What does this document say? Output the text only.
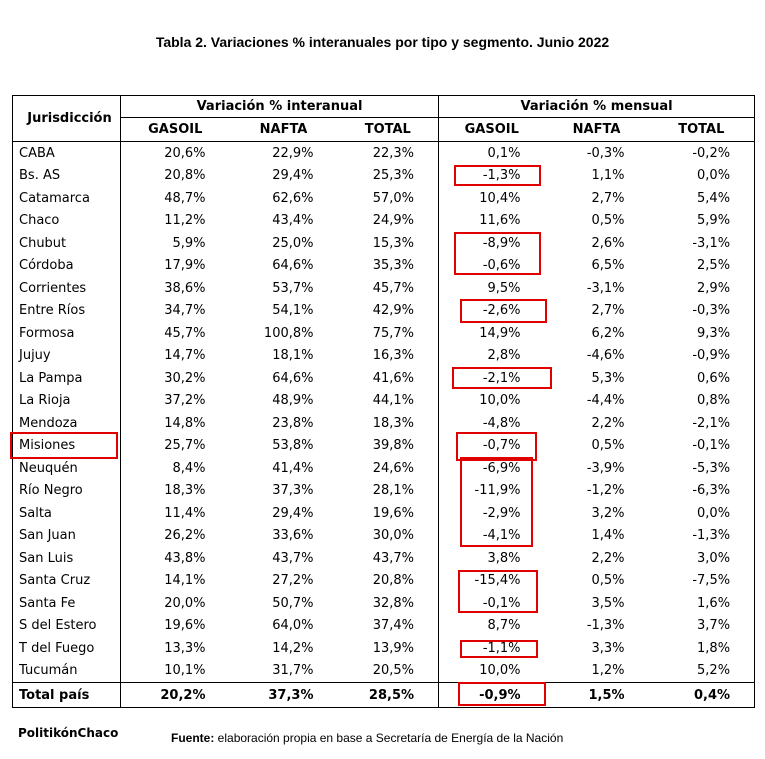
Tabla 2. Variaciones % interanuales por tipo y segmento. Junio 2022
Jurisdicción	Variación % interanual			Variación % mensual		
	GASOIL	NAFTA	TOTAL	GASOIL	NAFTA	TOTAL
CABA	20,6%	22,9%	22,3%	0,1%	-0,3%	-0,2%
Bs. AS	20,8%	29,4%	25,3%	-1,3%	1,1%	0,0%
Catamarca	48,7%	62,6%	57,0%	10,4%	2,7%	5,4%
Chaco	11,2%	43,4%	24,9%	11,6%	0,5%	5,9%
Chubut	5,9%	25,0%	15,3%	-8,9%	2,6%	-3,1%
Córdoba	17,9%	64,6%	35,3%	-0,6%	6,5%	2,5%
Corrientes	38,6%	53,7%	45,7%	9,5%	-3,1%	2,9%
Entre Ríos	34,7%	54,1%	42,9%	-2,6%	2,7%	-0,3%
Formosa	45,7%	100,8%	75,7%	14,9%	6,2%	9,3%
Jujuy	14,7%	18,1%	16,3%	2,8%	-4,6%	-0,9%
La Pampa	30,2%	64,6%	41,6%	-2,1%	5,3%	0,6%
La Rioja	37,2%	48,9%	44,1%	10,0%	-4,4%	0,8%
Mendoza	14,8%	23,8%	18,3%	-4,8%	2,2%	-2,1%
Misiones	25,7%	53,8%	39,8%	-0,7%	0,5%	-0,1%
Neuquén	8,4%	41,4%	24,6%	-6,9%	-3,9%	-5,3%
Río Negro	18,3%	37,3%	28,1%	-11,9%	-1,2%	-6,3%
Salta	11,4%	29,4%	19,6%	-2,9%	3,2%	0,0%
San Juan	26,2%	33,6%	30,0%	-4,1%	1,4%	-1,3%
San Luis	43,8%	43,7%	43,7%	3,8%	2,2%	3,0%
Santa Cruz	14,1%	27,2%	20,8%	-15,4%	0,5%	-7,5%
Santa Fe	20,0%	50,7%	32,8%	-0,1%	3,5%	1,6%
S del Estero	19,6%	64,0%	37,4%	8,7%	-1,3%	3,7%
T del Fuego	13,3%	14,2%	13,9%	-1,1%	3,3%	1,8%
Tucumán	10,1%	31,7%	20,5%	10,0%	1,2%	5,2%
Total país	20,2%	37,3%	28,5%	-0,9%	1,5%	0,4%
PolitikónChaco	Fuente: elaboración propia en base a Secretaría de Energía de la Nación
